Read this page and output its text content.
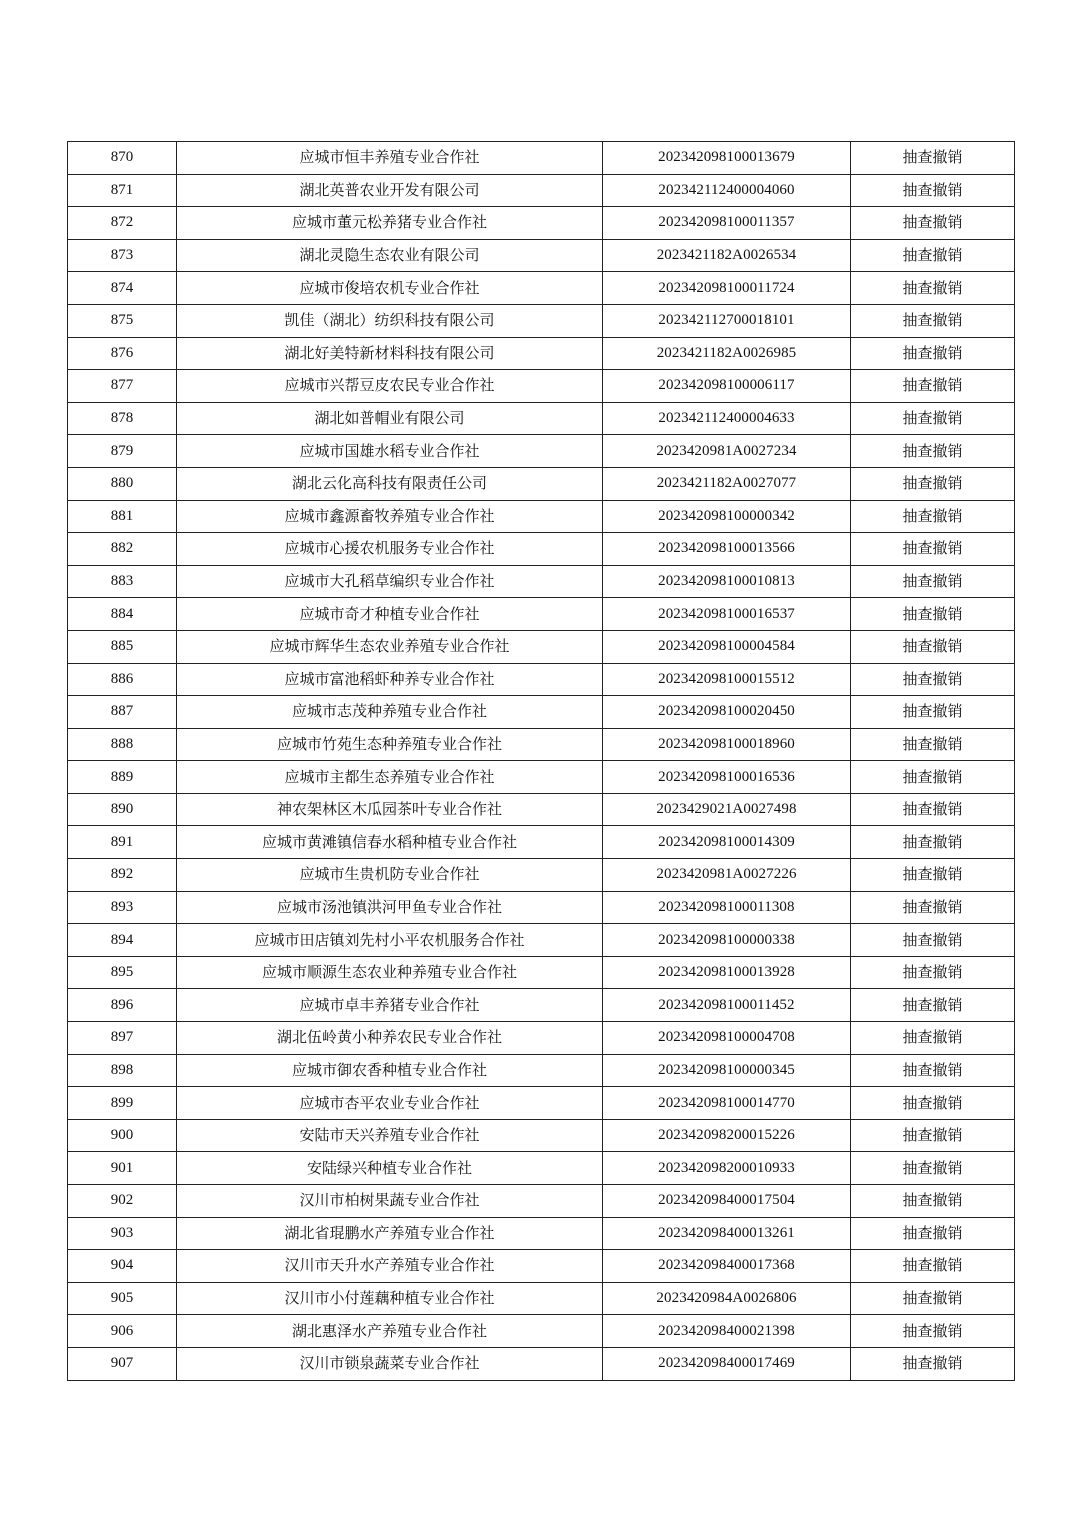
870	应城市恒丰养殖专业合作社	202342098100013679	抽查撤销
871	湖北英普农业开发有限公司	202342112400004060	抽查撤销
872	应城市董元松养猪专业合作社	202342098100011357	抽查撤销
873	湖北灵隐生态农业有限公司	2023421182A0026534	抽查撤销
874	应城市俊培农机专业合作社	202342098100011724	抽查撤销
875	凯佳（湖北）纺织科技有限公司	202342112700018101	抽查撤销
876	湖北好美特新材料科技有限公司	2023421182A0026985	抽查撤销
877	应城市兴帮豆皮农民专业合作社	202342098100006117	抽查撤销
878	湖北如普帽业有限公司	202342112400004633	抽查撤销
879	应城市国雄水稻专业合作社	2023420981A0027234	抽查撤销
880	湖北云化高科技有限责任公司	2023421182A0027077	抽查撤销
881	应城市鑫源畜牧养殖专业合作社	202342098100000342	抽查撤销
882	应城市心援农机服务专业合作社	202342098100013566	抽查撤销
883	应城市大孔稻草编织专业合作社	202342098100010813	抽查撤销
884	应城市奇才种植专业合作社	202342098100016537	抽查撤销
885	应城市辉华生态农业养殖专业合作社	202342098100004584	抽查撤销
886	应城市富池稻虾种养专业合作社	202342098100015512	抽查撤销
887	应城市志茂种养殖专业合作社	202342098100020450	抽查撤销
888	应城市竹苑生态种养殖专业合作社	202342098100018960	抽查撤销
889	应城市主都生态养殖专业合作社	202342098100016536	抽查撤销
890	神农架林区木瓜园茶叶专业合作社	2023429021A0027498	抽查撤销
891	应城市黄滩镇信春水稻种植专业合作社	202342098100014309	抽查撤销
892	应城市生贵机防专业合作社	2023420981A0027226	抽查撤销
893	应城市汤池镇洪河甲鱼专业合作社	202342098100011308	抽查撤销
894	应城市田店镇刘先村小平农机服务合作社	202342098100000338	抽查撤销
895	应城市顺源生态农业种养殖专业合作社	202342098100013928	抽查撤销
896	应城市卓丰养猪专业合作社	202342098100011452	抽查撤销
897	湖北伍岭黄小种养农民专业合作社	202342098100004708	抽查撤销
898	应城市御农香种植专业合作社	202342098100000345	抽查撤销
899	应城市杏平农业专业合作社	202342098100014770	抽查撤销
900	安陆市天兴养殖专业合作社	202342098200015226	抽查撤销
901	安陆绿兴种植专业合作社	202342098200010933	抽查撤销
902	汉川市柏树果蔬专业合作社	202342098400017504	抽查撤销
903	湖北省琨鹏水产养殖专业合作社	202342098400013261	抽查撤销
904	汉川市天升水产养殖专业合作社	202342098400017368	抽查撤销
905	汉川市小付莲藕种植专业合作社	2023420984A0026806	抽查撤销
906	湖北惠泽水产养殖专业合作社	202342098400021398	抽查撤销
907	汉川市锁泉蔬菜专业合作社	202342098400017469	抽查撤销
